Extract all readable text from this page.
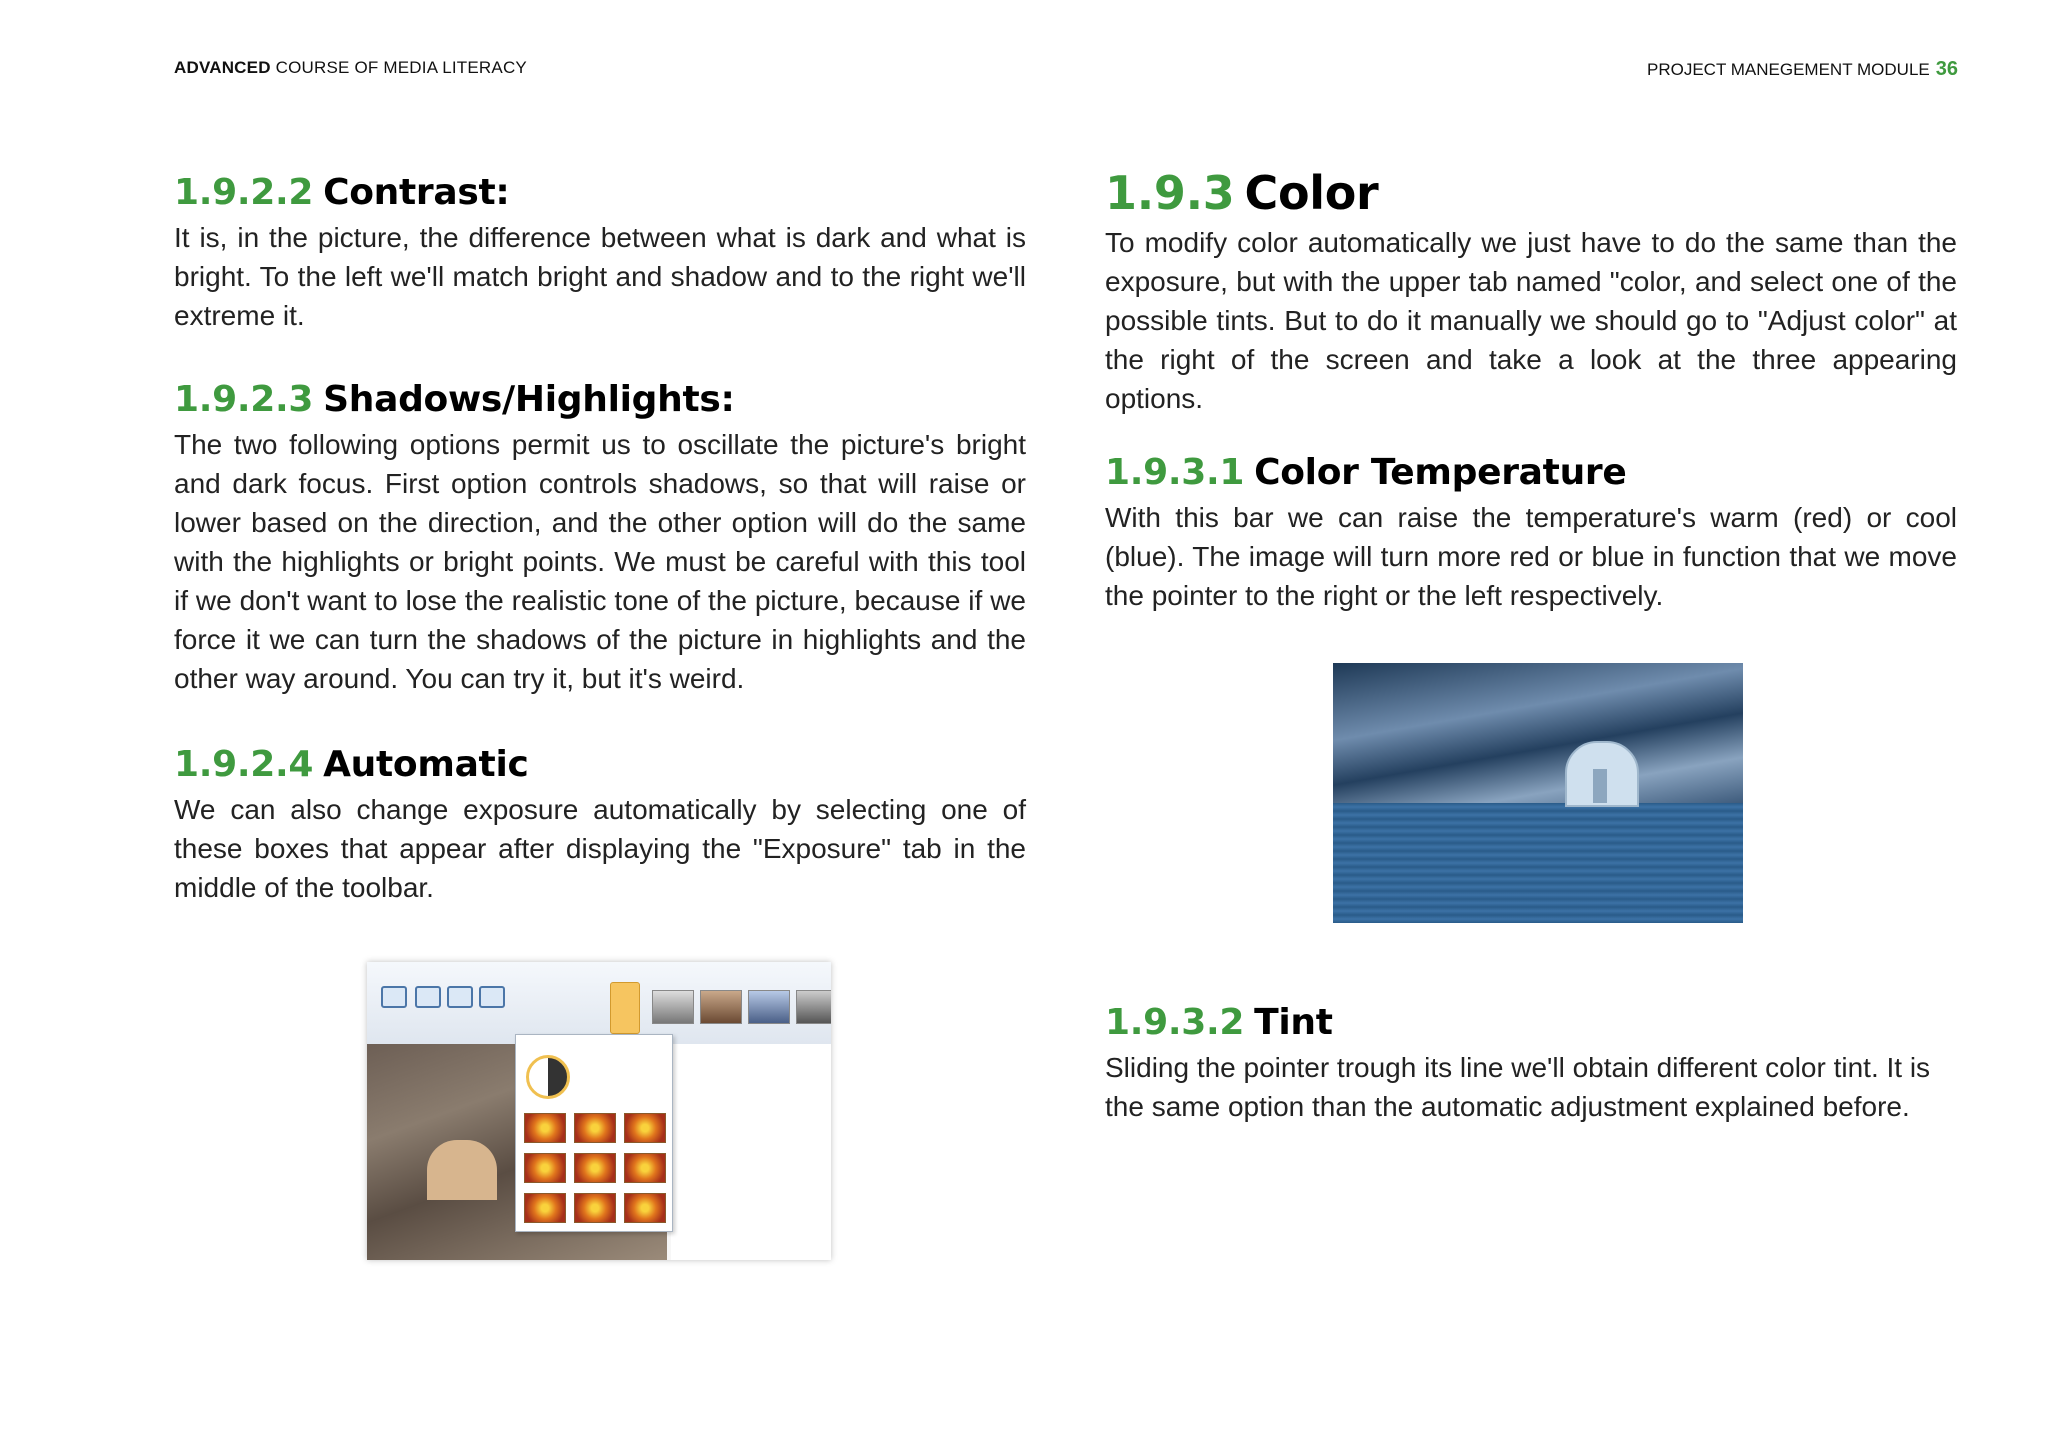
ADVANCED COURSE OF MEDIA LITERACY	PROJECT MANEGEMENT MODULE 36
1.9.2.2 Contrast:

It is, in the picture, the difference between what is dark and what is bright. To the left we'll match bright and shadow and to the right we'll extreme it.

1.9.2.3 Shadows/Highlights:

The two following options permit us to oscillate the picture's bright and dark focus. First option controls shadows, so that will raise or lower based on the direction, and the other option will do the same with the highlights or bright points. We must be careful with this tool if we don't want to lose the realistic tone of the picture, because if we force it we can turn the shadows of the picture in highlights and the other way around. You can try it, but it's weird.

1.9.2.4 Automatic

We can also change exposure automatically by selecting one of these boxes that appear after displaying the "Exposure" tab in the middle of the toolbar.

1.9.3 Color

To modify color automatically we just have to do the same than the exposure, but with the upper tab named "color, and select one of the possible tints. But to do it manually we should go to "Adjust color" at the right of the screen and take a look at the three appearing options.

1.9.3.1 Color Temperature

With this bar we can raise the temperature's warm (red) or cool (blue). The image will turn more red or blue in function that we move the pointer to the right or the left respectively.

1.9.3.2 Tint

Sliding the pointer trough its line we'll obtain different color tint. It is the same option than the automatic adjustment explained before.
